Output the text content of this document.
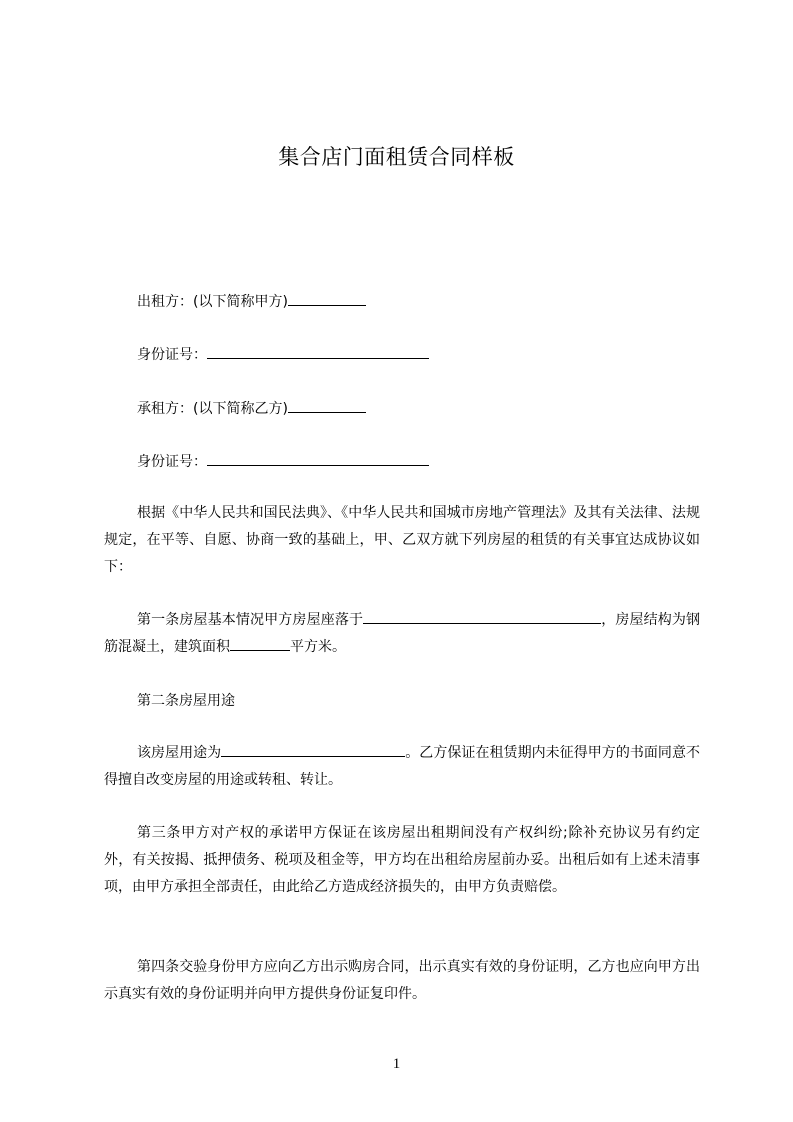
集合店门面租赁合同样板
出租方：(以下简称甲方)
身份证号：
承租方：(以下简称乙方)
身份证号：
根据《中华人民共和国民法典》、《中华人民共和国城市房地产管理法》及其有关法律、法规规定，在平等、自愿、协商一致的基础上，甲、乙双方就下列房屋的租赁的有关事宜达成协议如下：
第一条房屋基本情况甲方房屋座落于	，房屋结构为钢筋混凝土，建筑面积	平方米。
第二条房屋用途
该房屋用途为	。乙方保证在租赁期内未征得甲方的书面同意不得擅自改变房屋的用途或转租、转让。
第三条甲方对产权的承诺甲方保证在该房屋出租期间没有产权纠纷;除补充协议另有约定外，有关按揭、抵押债务、税项及租金等，甲方均在出租给房屋前办妥。出租后如有上述未清事项，由甲方承担全部责任，由此给乙方造成经济损失的，由甲方负责赔偿。
第四条交验身份甲方应向乙方出示购房合同，出示真实有效的身份证明，乙方也应向甲方出示真实有效的身份证明并向甲方提供身份证复印件。
1
